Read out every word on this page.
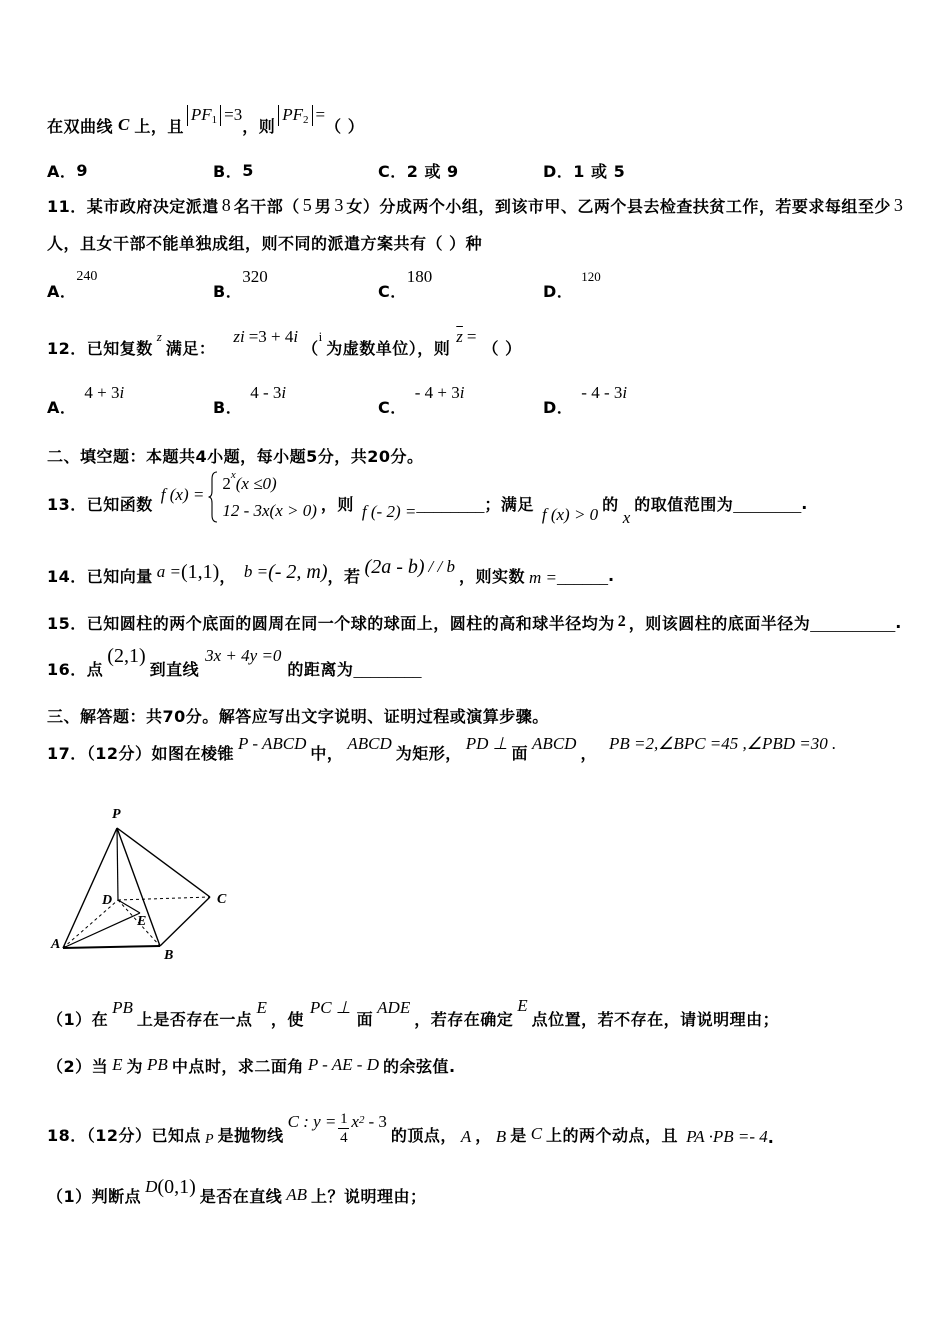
在双曲线 C 上，且
PF 1 =3
，则
PF 2 =
（ ）
A． 9	B． 5	C． 2 或 9	D． 1 或 5
11．某市政府决定派遣 8 名干部（ 5 男 3 女）分成两个小组，到该市甲、乙两个县去检查扶贫工作，若要求每组至少 3
人，且女干部不能单独成组，则不同的派遣方案共有（ ）种
A．
240
B．
320
C．
180
D．
120
12．已知复数
z
满足：
zi =3 + 4 i
（
i
为虚数单位），则
$\overline{z}$ =
（ ）
A．
4 + 3 i
B．
4 - 3 i
C．
- 4 + 3 i
D．
- 4 - 3 i
二、填空题：本题共4小题，每小题5分，共20分。
13．已知函数 f (x) =
2 x (x ≤0)
12 - 3x(x > 0) ，则 f (- 2) = ________ ；满足
f (x) > 0
的
x
的取值范围为 ________ .
14．已知向量 a = (1,1) ， b = (- 2, m) ，若 (2a - b) / / b ，则实数 m = ______ .
15．已知圆柱的两个底面的圆周在同一个球的球面上，圆柱的高和球半径均为 2 ，则该圆柱的底面半径为 __________ .
16．点
(2,1)
到直线
3x + 4y =0
的距离为 ________
三、解答题：共70分。解答应写出文字说明、证明过程或演算步骤。
17．（12分）如图在棱锥 P - ABCD 中， ABCD 为矩形， PD ⊥ 面 ABCD ， PB =2,∠BPC =45 ,∠PBD =30 .
P
D
E
C
A
B
（1）在
PB
上是否存在一点
E
，使
PC ⊥
面
ADE
，若存在确定
E
点位置，若不存在，请说明理由；
（2）当 E 为 PB 中点时，求二面角 P - AE - D 的余弦值.
18．（12分）已知点 P 是抛物线
C : $y = \frac{1}{4}$ x 2 - 3
的顶点， A ， B 是 C 上的两个动点，且 PA ·PB =- 4 .
（1）判断点 D (0,1) 是否在直线 AB 上？说明理由；
